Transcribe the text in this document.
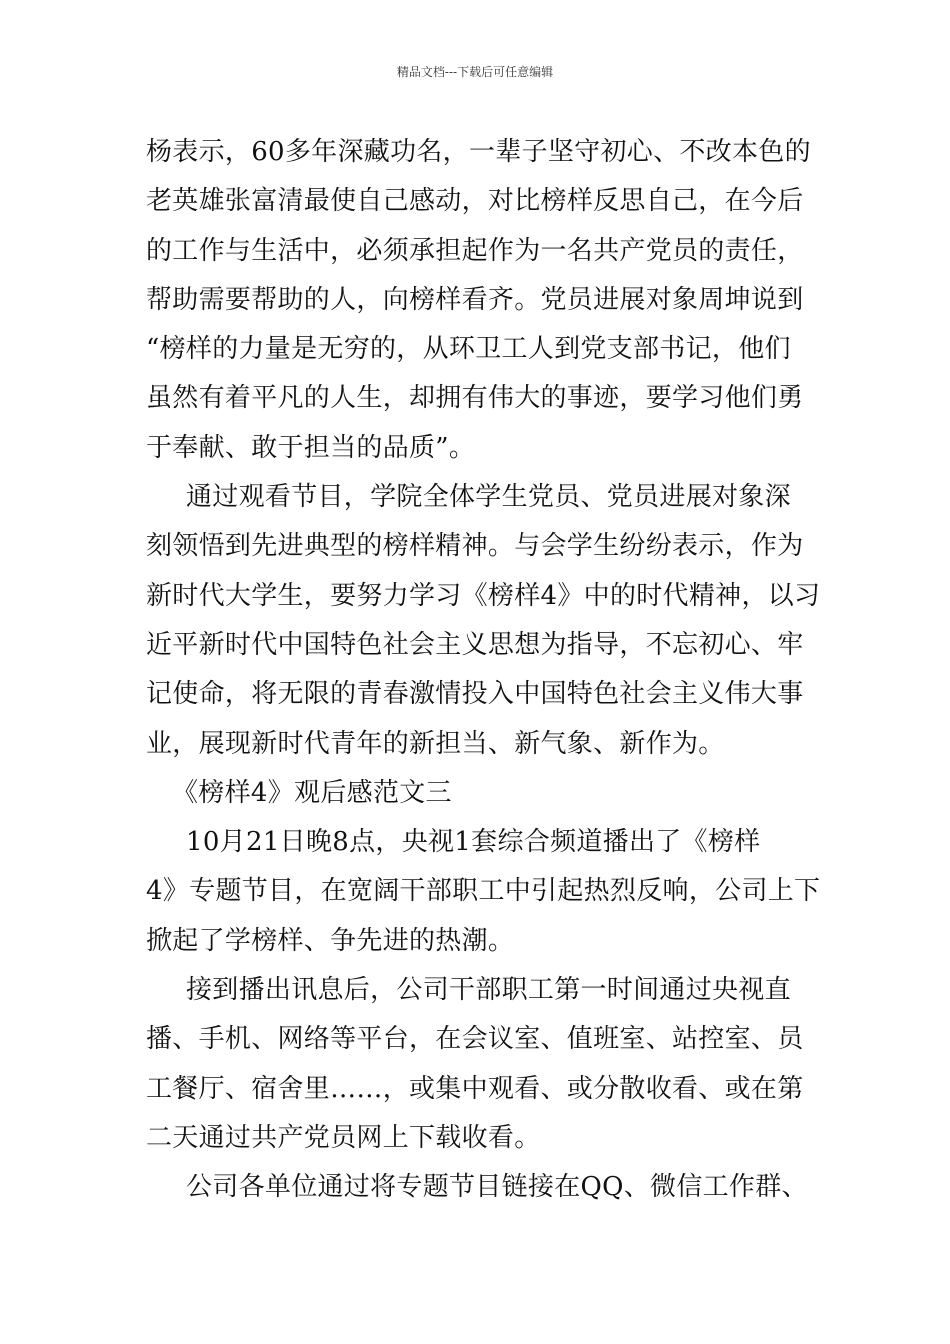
精品文档---下载后可任意编辑
杨表示，60多年深藏功名，一辈子坚守初心、不改本色的
老英雄张富清最使自己感动，对比榜样反思自己，在今后
的工作与生活中，必须承担起作为一名共产党员的责任，
帮助需要帮助的人，向榜样看齐。党员进展对象周坤说到
“榜样的力量是无穷的，从环卫工人到党支部书记，他们
虽然有着平凡的人生，却拥有伟大的事迹，要学习他们勇
于奉献、敢于担当的品质”。
通过观看节目，学院全体学生党员、党员进展对象深
刻领悟到先进典型的榜样精神。与会学生纷纷表示，作为
新时代大学生，要努力学习《榜样4》中的时代精神，以习
近平新时代中国特色社会主义思想为指导，不忘初心、牢
记使命，将无限的青春激情投入中国特色社会主义伟大事
业，展现新时代青年的新担当、新气象、新作为。
《榜样4》观后感范文三
10月21日晚8点，央视1套综合频道播出了《榜样
4》专题节目，在宽阔干部职工中引起热烈反响，公司上下
掀起了学榜样、争先进的热潮。
接到播出讯息后，公司干部职工第一时间通过央视直
播、手机、网络等平台，在会议室、值班室、站控室、员
工餐厅、宿舍里……，或集中观看、或分散收看、或在第
二天通过共产党员网上下载收看。
公司各单位通过将专题节目链接在QQ、微信工作群、
